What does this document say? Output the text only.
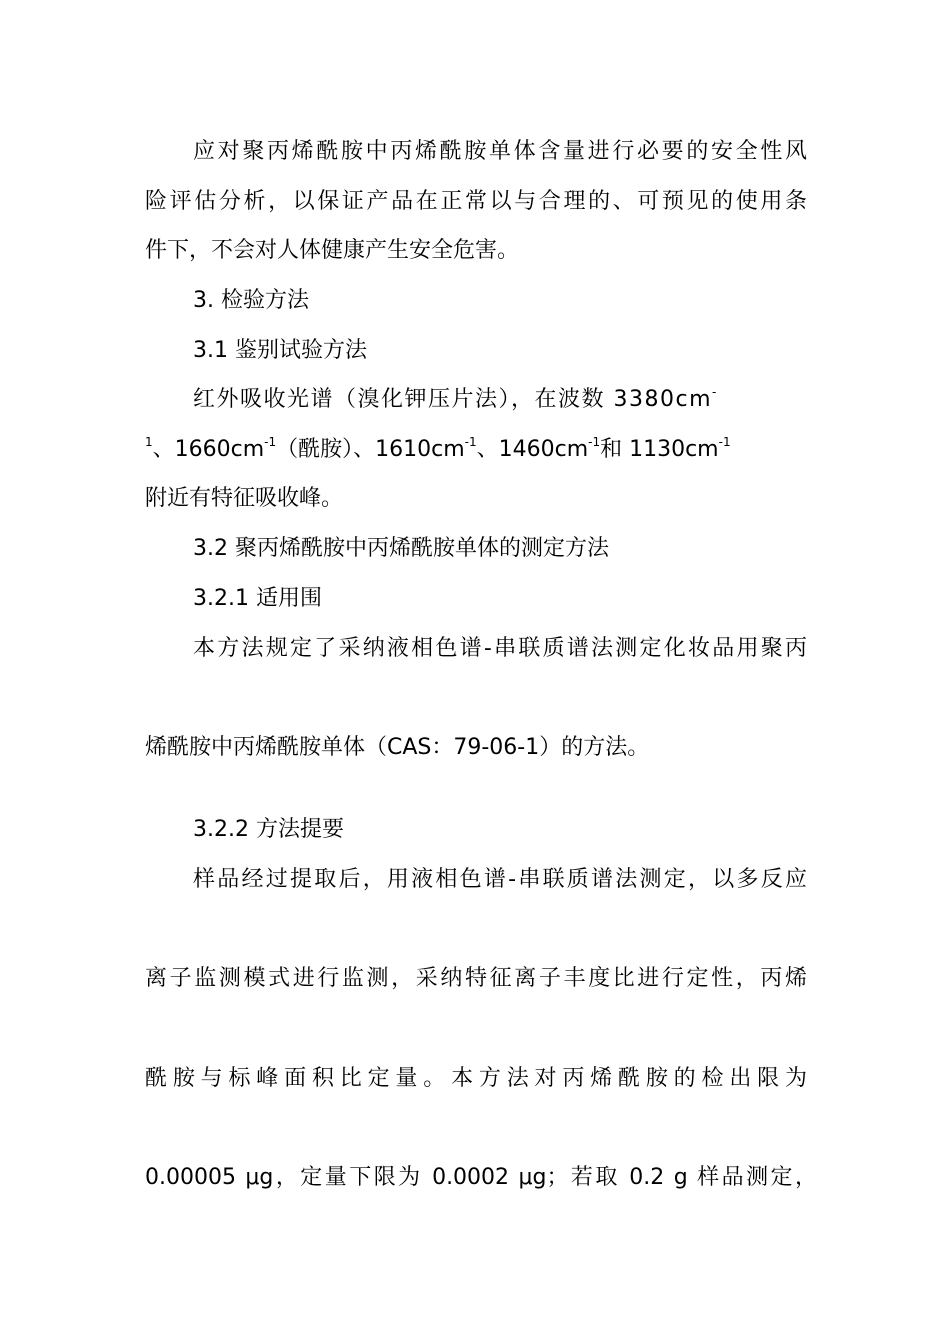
应对聚丙烯酰胺中丙烯酰胺单体含量进行必要的安全性风
险评估分析，以保证产品在正常以与合理的、可预见的使用条
件下，不会对人体健康产生安全危害。
3. 检验方法
3.1 鉴别试验方法
红外吸收光谱（溴化钾压片法），在波数 3380cm-
$^1$、$1660cm^{-1}$（酰胺）、$1610cm^{-1}$、$1460cm^{-1}$和 $1130cm^{-1}$
附近有特征吸收峰。
3.2 聚丙烯酰胺中丙烯酰胺单体的测定方法
3.2.1 适用围
本方法规定了采纳液相色谱-串联质谱法测定化妆品用聚丙
烯酰胺中丙烯酰胺单体（CAS：79-06-1）的方法。
3.2.2 方法提要
样品经过提取后，用液相色谱-串联质谱法测定，以多反应
离子监测模式进行监测，采纳特征离子丰度比进行定性，丙烯
酰胺与标峰面积比定量。本方法对丙烯酰胺的检出限为
0.00005 μg，定量下限为 0.0002 μg；若取 0.2 g 样品测定，
